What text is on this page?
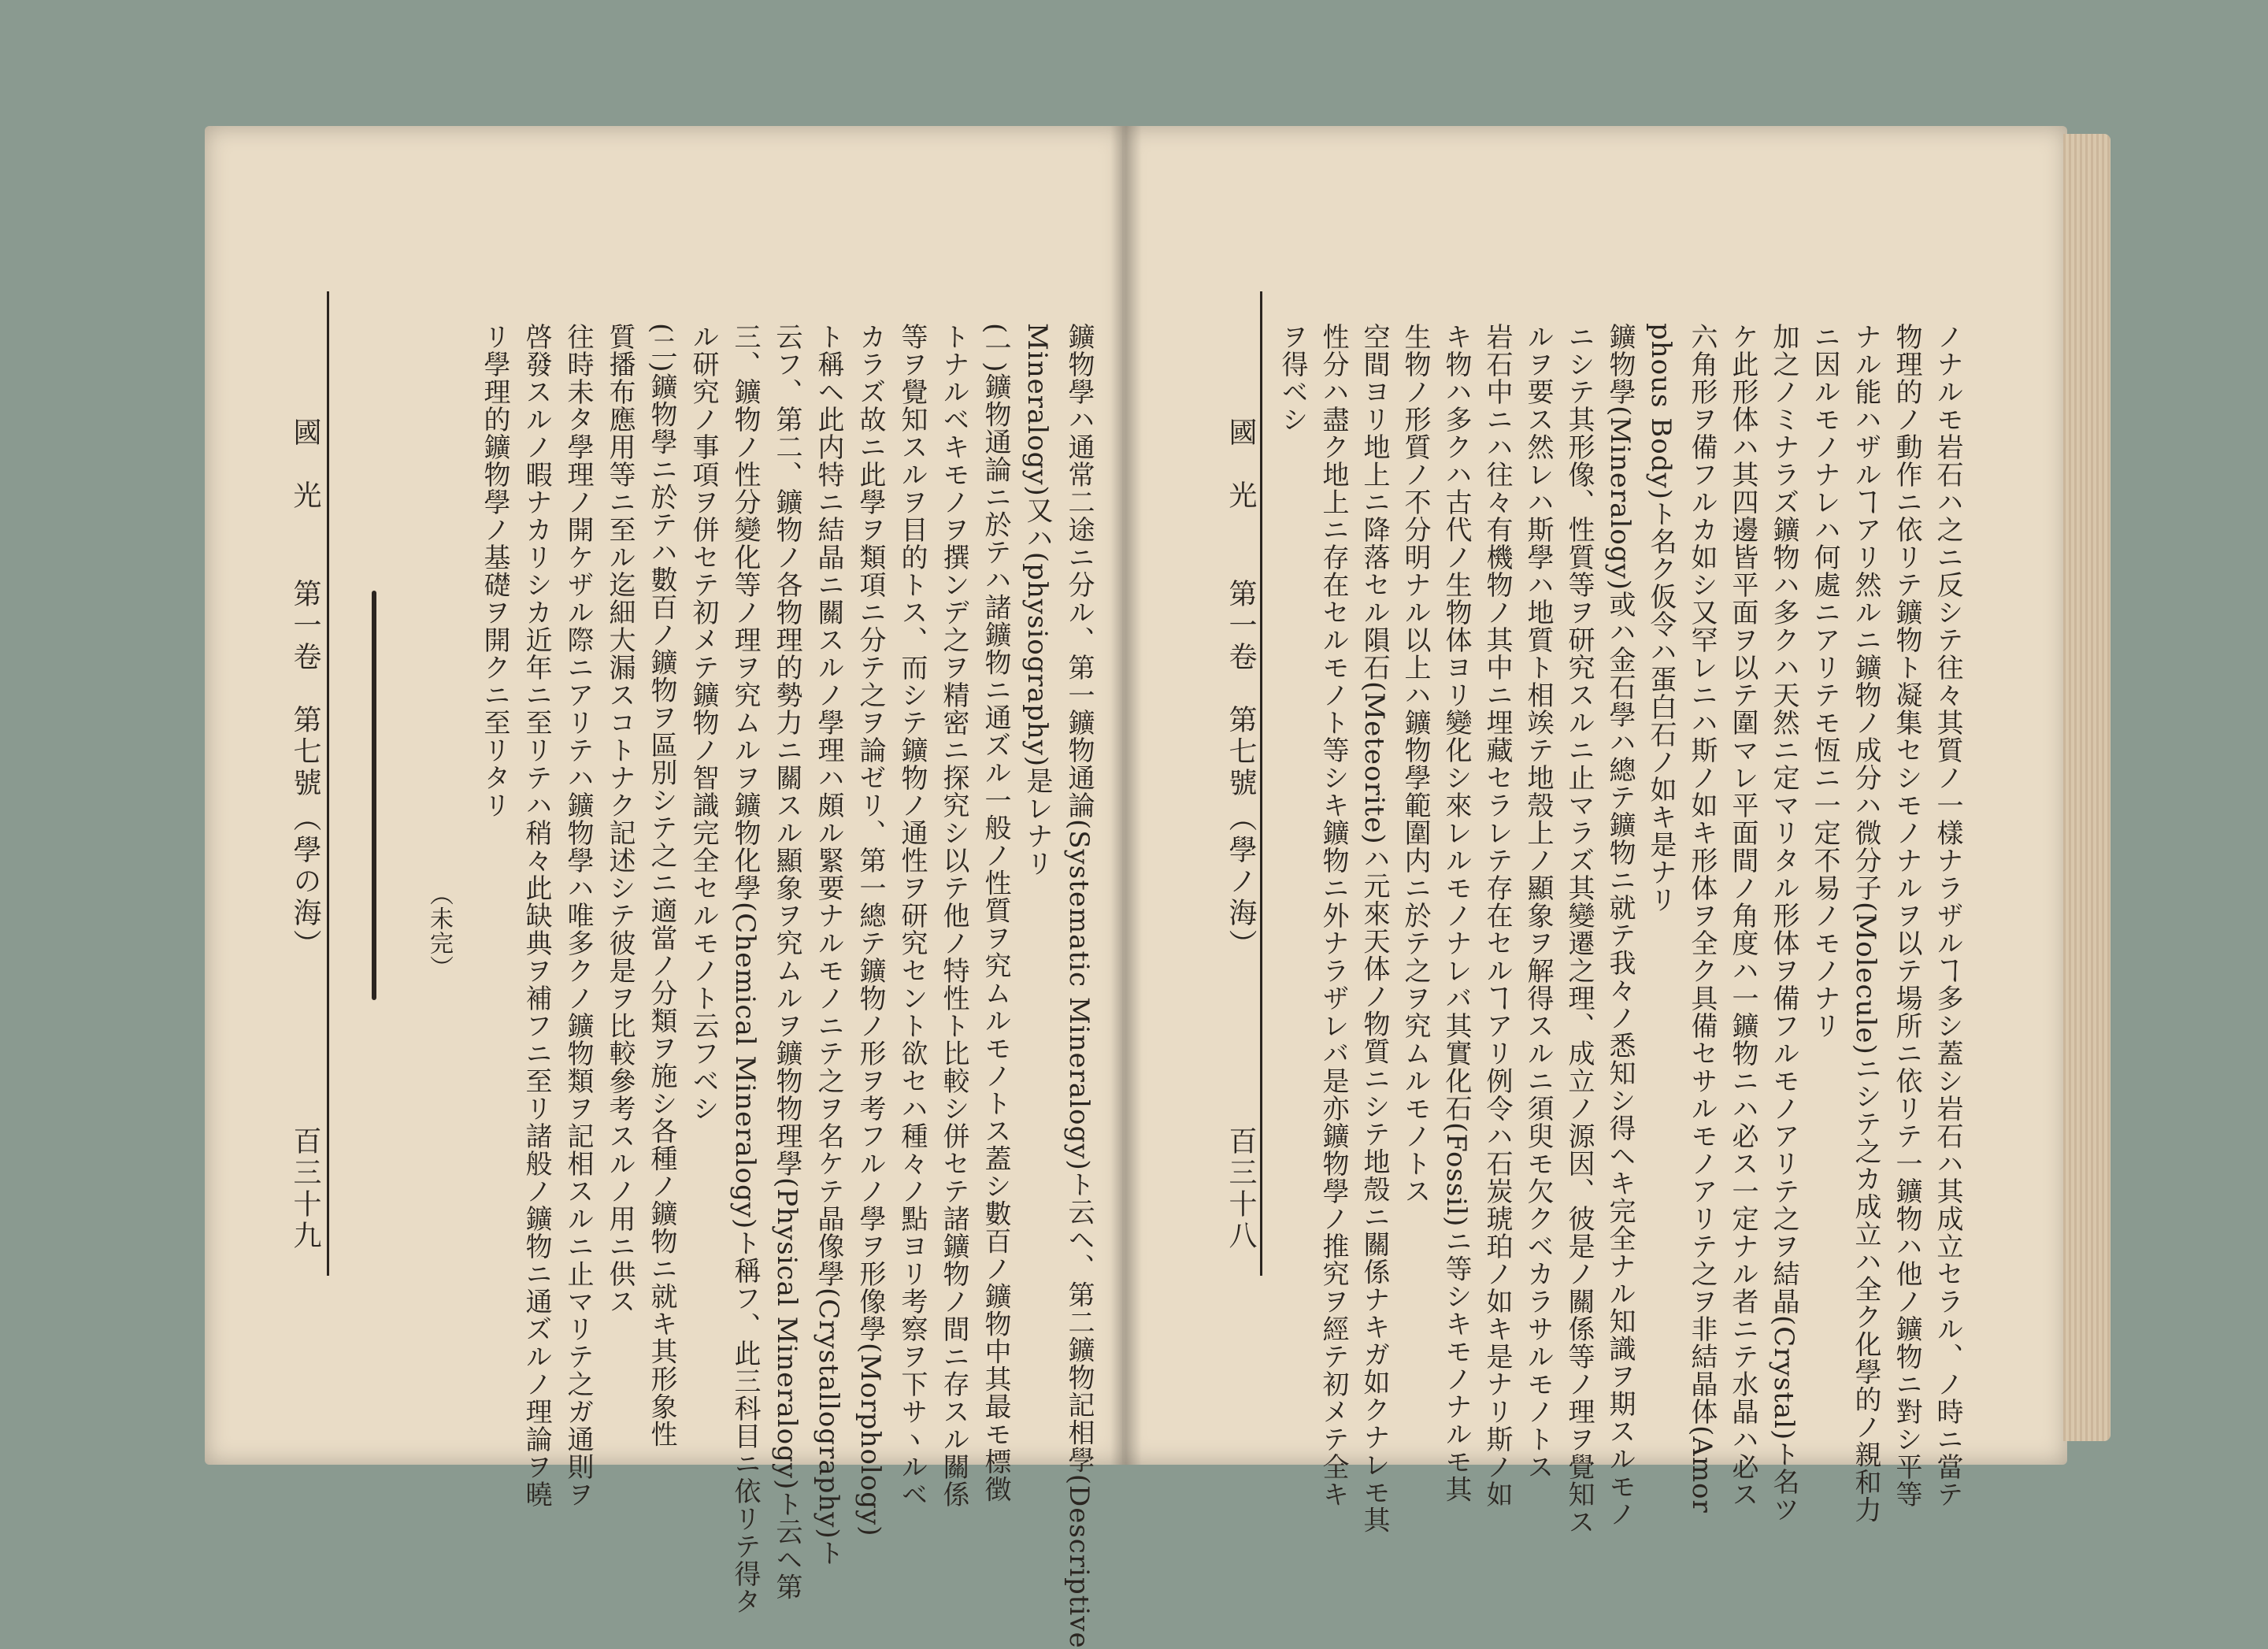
國　光
第一卷　第七號
（學の海）
百三十九
（未完）	鑛物學ハ通常二途ニ分ル、第一鑛物通論(Systematic Mineralogy)ト云ヘ、第二鑛物記相學(Descriptive
Mineralogy)又ハ(physiography)是レナリ
(一)鑛物通論ニ於テハ諸鑛物ニ通ズル一般ノ性質ヲ究ムルモノトス蓋シ數百ノ鑛物中其最モ標徴
トナルベキモノヲ撰ンデ之ヲ精密ニ探究シ以テ他ノ特性ト比較シ併セテ諸鑛物ノ間ニ存スル關係
等ヲ覺知スルヲ目的トス、而シテ鑛物ノ通性ヲ研究セント欲セハ種々ノ點ヨリ考察ヲ下サヽルベ
カラズ故ニ此學ヲ類項ニ分テ之ヲ論ゼリ、第一總テ鑛物ノ形ヲ考フルノ學ヲ形像學(Morphology)
ト稱ヘ此内特ニ結晶ニ關スルノ學理ハ頗ル緊要ナルモノニテ之ヲ名ケテ晶像學(Crystallography)ト
云フ、第二、鑛物ノ各物理的勢力ニ關スル顯象ヲ究ムルヲ鑛物物理學(Physical Mineralogy)ト云ヘ第
三、鑛物ノ性分變化等ノ理ヲ究ムルヲ鑛物化學(Chemical Mineralogy)ト稱フ、此三科目ニ依リテ得タ
ル研究ノ事項ヲ併セテ初メテ鑛物ノ智識完全セルモノト云フベシ
(二)鑛物學ニ於テハ數百ノ鑛物ヲ區別シテ之ニ適當ノ分類ヲ施シ各種ノ鑛物ニ就キ其形象性
質播布應用等ニ至ル迄細大漏スコトナク記述シテ彼是ヲ比較參考スルノ用ニ供ス
往時未タ學理ノ開ケザル際ニアリテハ鑛物學ハ唯多クノ鑛物類ヲ記相スルニ止マリテ之ガ通則ヲ
啓發スルノ暇ナカリシカ近年ニ至リテハ稍々此缺典ヲ補フニ至リ諸般ノ鑛物ニ通ズルノ理論ヲ曉
リ學理的鑛物學ノ基礎ヲ開クニ至リタリ	國　光
第一卷　第七號
（學ノ海）
百三十八	ノナルモ岩石ハ之ニ反シテ往々其質ノ一樣ナラザルヿ多シ蓋シ岩石ハ其成立セラル、ノ時ニ當テ
物理的ノ動作ニ依リテ鑛物ト凝集セシモノナルヲ以テ場所ニ依リテ一鑛物ハ他ノ鑛物ニ對シ平等
ナル能ハザルヿアリ然ルニ鑛物ノ成分ハ微分子(Molecule)ニシテ之カ成立ハ全ク化學的ノ親和力
ニ因ルモノナレハ何處ニアリテモ恆ニ一定不易ノモノナリ
加之ノミナラズ鑛物ハ多クハ天然ニ定マリタル形体ヲ備フルモノアリテ之ヲ結晶(Crystal)ト名ツ
ケ此形体ハ其四邊皆平面ヲ以テ圍マレ平面間ノ角度ハ一鑛物ニハ必ス一定ナル者ニテ水晶ハ必ス
六角形ヲ備フルカ如シ又罕レニハ斯ノ如キ形体ヲ全ク具備セサルモノアリテ之ヲ非結晶体(Amor
phous Body)ト名ク仮令ハ蛋白石ノ如キ是ナリ
鑛物學(Mineralogy)或ハ金石學ハ總テ鑛物ニ就テ我々ノ悉知シ得ヘキ完全ナル知識ヲ期スルモノ
ニシテ其形像、性質等ヲ研究スルニ止マラズ其變遷之理、成立ノ源因、彼是ノ關係等ノ理ヲ覺知ス
ルヲ要ス然レハ斯學ハ地質ト相竢テ地殼上ノ顯象ヲ解得スルニ須臾モ欠クベカラサルモノトス
岩石中ニハ往々有機物ノ其中ニ埋藏セラレテ存在セルヿアリ例令ハ石炭琥珀ノ如キ是ナリ斯ノ如
キ物ハ多クハ古代ノ生物体ヨリ變化シ來レルモノナレバ其實化石(Fossil)ニ等シキモノナルモ其
生物ノ形質ノ不分明ナル以上ハ鑛物學範圍内ニ於テ之ヲ究ムルモノトス
空間ヨリ地上ニ降落セル隕石(Meteorite)ハ元來天体ノ物質ニシテ地殼ニ關係ナキガ如クナレモ其
性分ハ盡ク地上ニ存在セルモノト等シキ鑛物ニ外ナラザレバ是亦鑛物學ノ推究ヲ經テ初メテ全キ
ヲ得ベシ
